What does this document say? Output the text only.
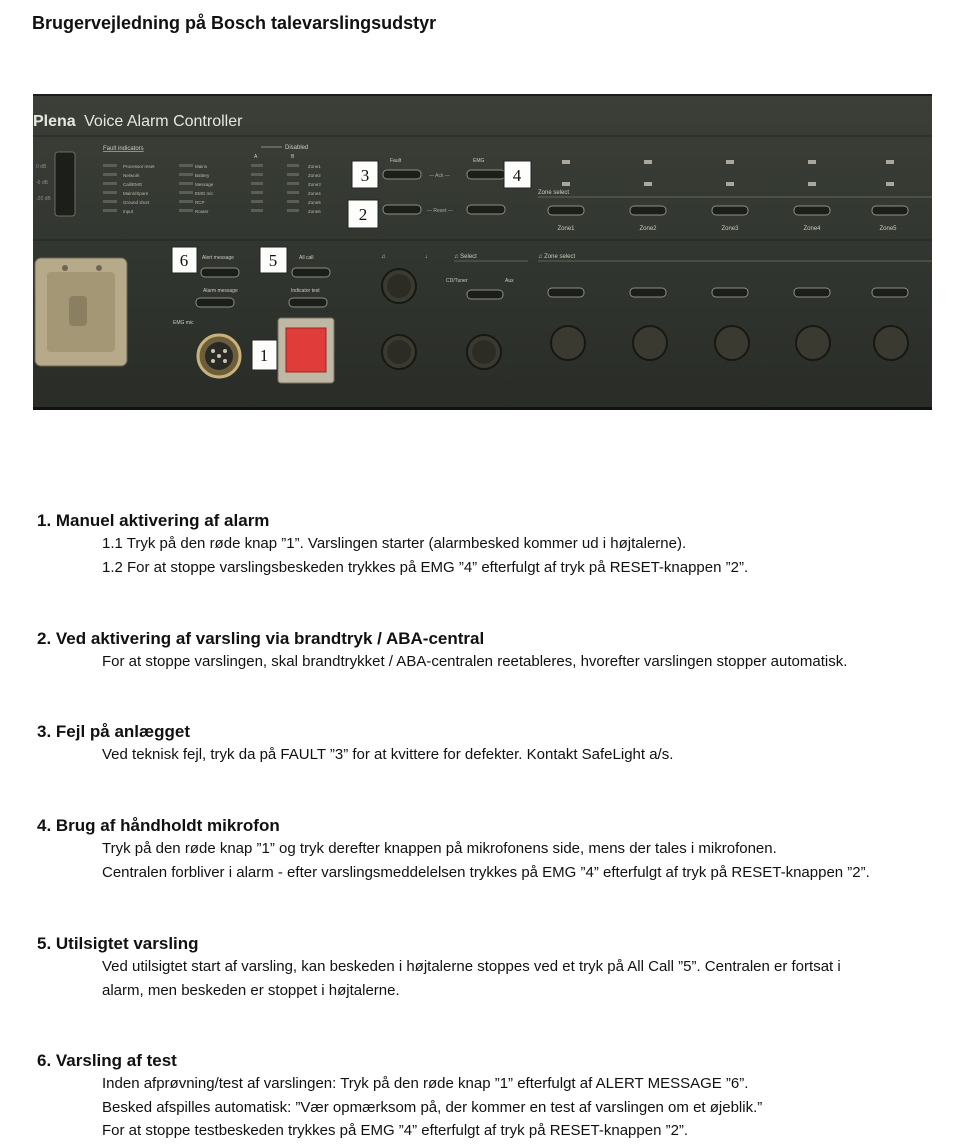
Brugervejledning på Bosch talevarslingsudstyr
Plena Voice Alarm Controller
0 dB
-6 dB
-20 dB
Fault indicators	Disabled
A	B
Processor reset
Network
Call/EMG
Mains/Spare
Ground short
Input
Mains
Battery
Message
EMG mic
RCP
Router
Zone1
Zone2
Zone3
Zone4
Zone5
Zone6
Fault	EMG
— Ack —
— Reset —
3	4
2
Zone select
Zone1	Zone2	Zone3	Zone4	Zone5
6	Alert message 5	All call
Alarm message	Indicator test
EMG mic
1
♫	♩	♫ Select	♫ Zone select
CD/Tuner	Aux
1. Manuel aktivering af alarm

1.1 Tryk på den røde knap ”1”. Varslingen starter (alarmbesked kommer ud i højtalerne).

1.2 For at stoppe varslingsbeskeden trykkes på EMG ”4” efterfulgt af tryk på RESET-knappen ”2”.

2. Ved aktivering af varsling via brandtryk / ABA-central

For at stoppe varslingen, skal brandtrykket / ABA-centralen reetableres, hvorefter varslingen stopper automatisk.

3. Fejl på anlægget

Ved teknisk fejl, tryk da på FAULT ”3” for at kvittere for defekter. Kontakt SafeLight a/s.

4. Brug af håndholdt mikrofon

Tryk på den røde knap ”1” og tryk derefter knappen på mikrofonens side, mens der tales i mikrofonen.

Centralen forbliver i alarm - efter varslingsmeddelelsen trykkes på EMG ”4” efterfulgt af tryk på RESET-knappen ”2”.

5. Utilsigtet varsling

Ved utilsigtet start af varsling, kan beskeden i højtalerne stoppes ved et tryk på All Call ”5”. Centralen er fortsat i

alarm, men beskeden er stoppet i højtalerne.

6. Varsling af test

Inden afprøvning/test af varslingen: Tryk på den røde knap ”1” efterfulgt af ALERT MESSAGE ”6”.

Besked afspilles automatisk: ”Vær opmærksom på, der kommer en test af varslingen om et øjeblik.”

For at stoppe testbeskeden trykkes på EMG ”4” efterfulgt af tryk på RESET-knappen ”2”.
